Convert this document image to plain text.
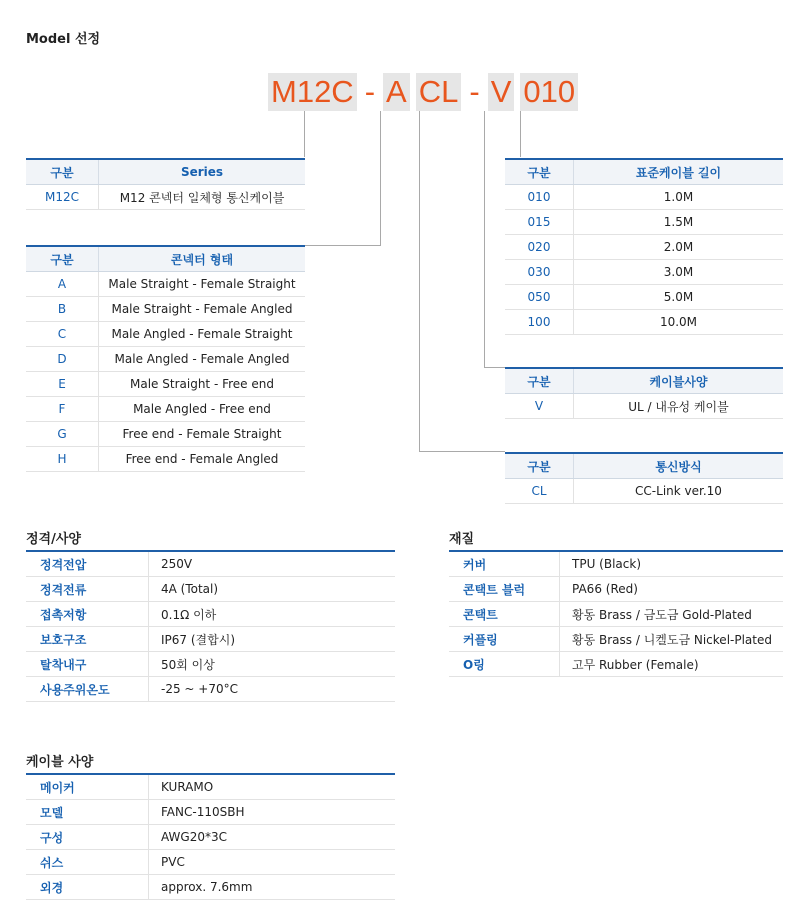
Model 선정
M12C - A CL - V 010
구분	Series
M12C	M12 콘넥터 일체형 통신케이블
구분	콘넥터 형태
A	Male Straight - Female Straight
B	Male Straight - Female Angled
C	Male Angled - Female Straight
D	Male Angled - Female Angled
E	Male Straight - Free end
F	Male Angled - Free end
G	Free end - Female Straight
H	Free end - Female Angled
구분	표준케이블 길이
010	1.0M
015	1.5M
020	2.0M
030	3.0M
050	5.0M
100	10.0M
구분	케이블사양
V	UL / 내유성 케이블
구분	통신방식
CL	CC-Link ver.10
정격/사양
정격전압	250V
정격전류	4A (Total)
접촉저항	0.1Ω 이하
보호구조	IP67 (결합시)
탈착내구	50회 이상
사용주위온도	-25 ~ +70°C
재질
커버	TPU (Black)
콘택트 블럭	PA66 (Red)
콘택트	황동 Brass / 금도금 Gold-Plated
커플링	황동 Brass / 니켈도금 Nickel-Plated
O링	고무 Rubber (Female)
케이블 사양
메이커	KURAMO
모델	FANC-110SBH
구성	AWG20*3C
쉬스	PVC
외경	approx. 7.6mm
